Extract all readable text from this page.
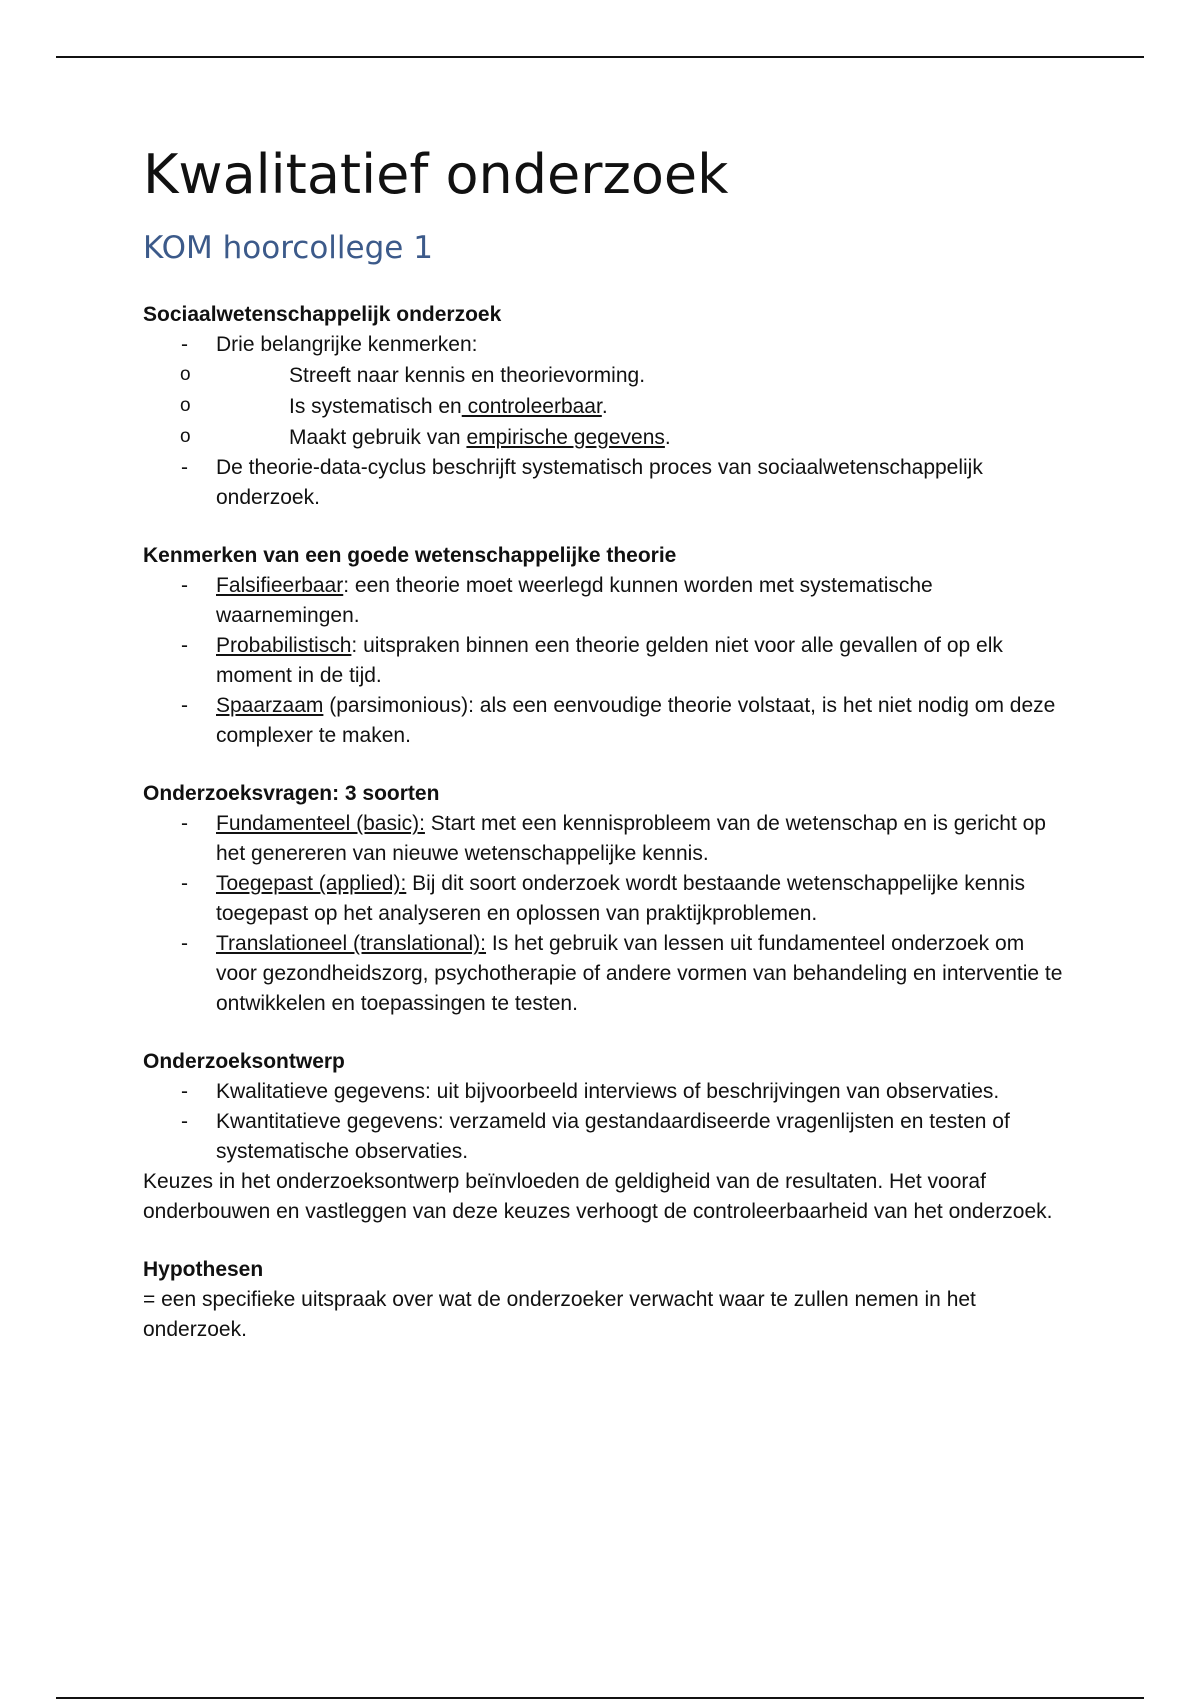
Kwalitatief onderzoek
KOM hoorcollege 1
Sociaalwetenschappelijk onderzoek
- Drie belangrijke kenmerken:
o Streeft naar kennis en theorievorming.
o Is systematisch en controleerbaar.
o Maakt gebruik van empirische gegevens.
- De theorie-data-cyclus beschrijft systematisch proces van sociaalwetenschappelijk onderzoek.
Kenmerken van een goede wetenschappelijke theorie
- Falsifieerbaar: een theorie moet weerlegd kunnen worden met systematische waarnemingen.
- Probabilistisch: uitspraken binnen een theorie gelden niet voor alle gevallen of op elk moment in de tijd.
- Spaarzaam (parsimonious): als een eenvoudige theorie volstaat, is het niet nodig om deze complexer te maken.
Onderzoeksvragen: 3 soorten
- Fundamenteel (basic): Start met een kennisprobleem van de wetenschap en is gericht op het genereren van nieuwe wetenschappelijke kennis.
- Toegepast (applied): Bij dit soort onderzoek wordt bestaande wetenschappelijke kennis toegepast op het analyseren en oplossen van praktijkproblemen.
- Translationeel (translational): Is het gebruik van lessen uit fundamenteel onderzoek om voor gezondheidszorg, psychotherapie of andere vormen van behandeling en interventie te ontwikkelen en toepassingen te testen.
Onderzoeksontwerp
- Kwalitatieve gegevens: uit bijvoorbeeld interviews of beschrijvingen van observaties.
- Kwantitatieve gegevens: verzameld via gestandaardiseerde vragenlijsten en testen of systematische observaties.

Keuzes in het onderzoeksontwerp beïnvloeden de geldigheid van de resultaten. Het vooraf onderbouwen en vastleggen van deze keuzes verhoogt de controleerbaarheid van het onderzoek.

Hypothesen

= een specifieke uitspraak over wat de onderzoeker verwacht waar te zullen nemen in het onderzoek.
